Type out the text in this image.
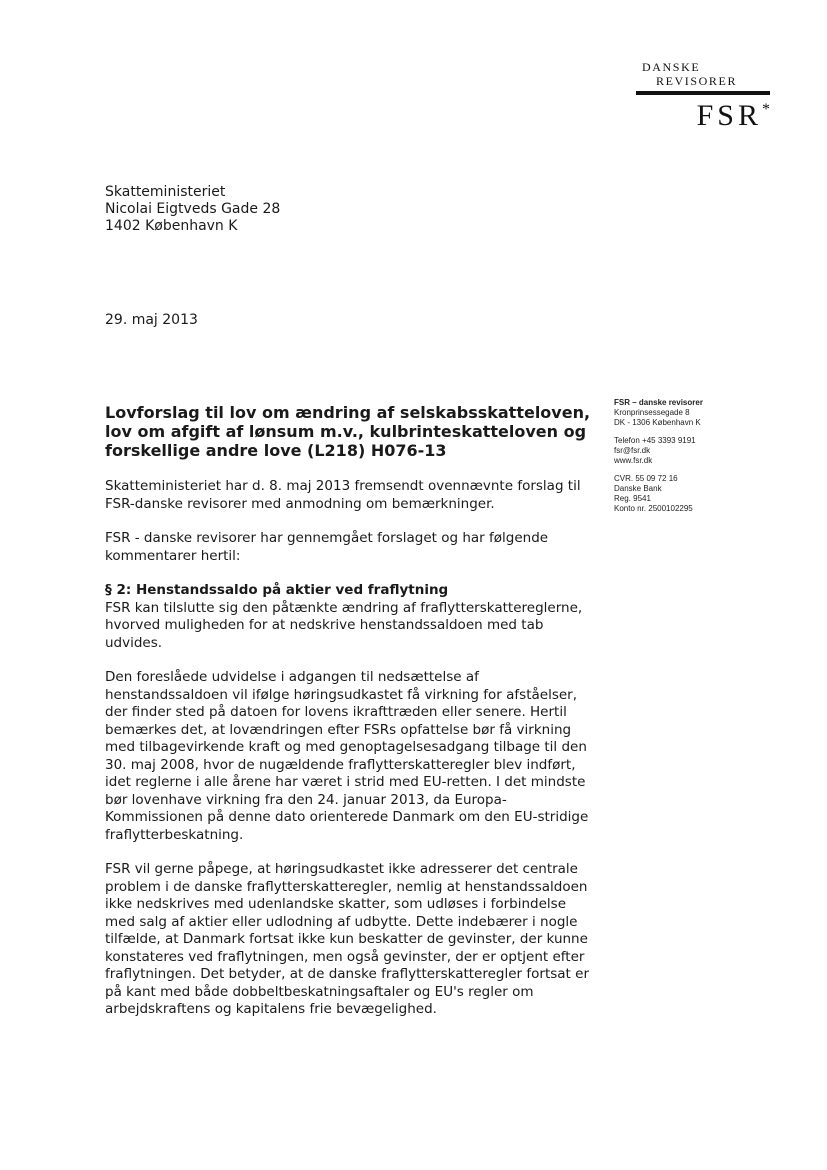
DANSKE
REVISORER
FSR*
Skatteministeriet
Nicolai Eigtveds Gade 28
1402 København K
29. maj 2013
FSR – danske revisorer
Kronprinsessegade 8
DK - 1306 København K
Telefon +45 3393 9191
fsr@fsr.dk
www.fsr.dk
CVR. 55 09 72 16
Danske Bank
Reg. 9541
Konto nr. 2500102295
Lovforslag til lov om ændring af selskabsskatteloven, lov om afgift af lønsum m.v., kulbrinteskatteloven og forskellige andre love (L218) H076-13

Skatteministeriet har d. 8. maj 2013 fremsendt ovennævnte forslag til FSR-danske revisorer med anmodning om bemærkninger.

FSR - danske revisorer har gennemgået forslaget og har følgende kommentarer hertil:

§ 2: Henstandssaldo på aktier ved fraflytning

FSR kan tilslutte sig den påtænkte ændring af fraflytterskattereglerne, hvorved muligheden for at nedskrive henstandssaldoen med tab udvides.

Den foreslåede udvidelse i adgangen til nedsættelse af henstandssaldoen vil ifølge høringsudkastet få virkning for afståelser, der finder sted på datoen for lovens ikrafttræden eller senere. Hertil bemærkes det, at lovændringen efter FSRs opfattelse bør få virkning med tilbagevirkende kraft og med genoptagelsesadgang tilbage til den 30. maj 2008, hvor de nugældende fraflytterskatteregler blev indført, idet reglerne i alle årene har været i strid med EU-retten. I det mindste bør lovenhave virkning fra den 24. januar 2013, da Europa-Kommissionen på denne dato orienterede Danmark om den EU-stridige fraflytterbeskatning.

FSR vil gerne påpege, at høringsudkastet ikke adresserer det centrale problem i de danske fraflytterskatteregler, nemlig at henstandssaldoen ikke nedskrives med udenlandske skatter, som udløses i forbindelse med salg af aktier eller udlodning af udbytte. Dette indebærer i nogle tilfælde, at Danmark fortsat ikke kun beskatter de gevinster, der kunne konstateres ved fraflytningen, men også gevinster, der er optjent efter fraflytningen. Det betyder, at de danske fraflytterskatteregler fortsat er på kant med både dobbeltbeskatningsaftaler og EU's regler om arbejdskraftens og kapitalens frie bevægelighed.
